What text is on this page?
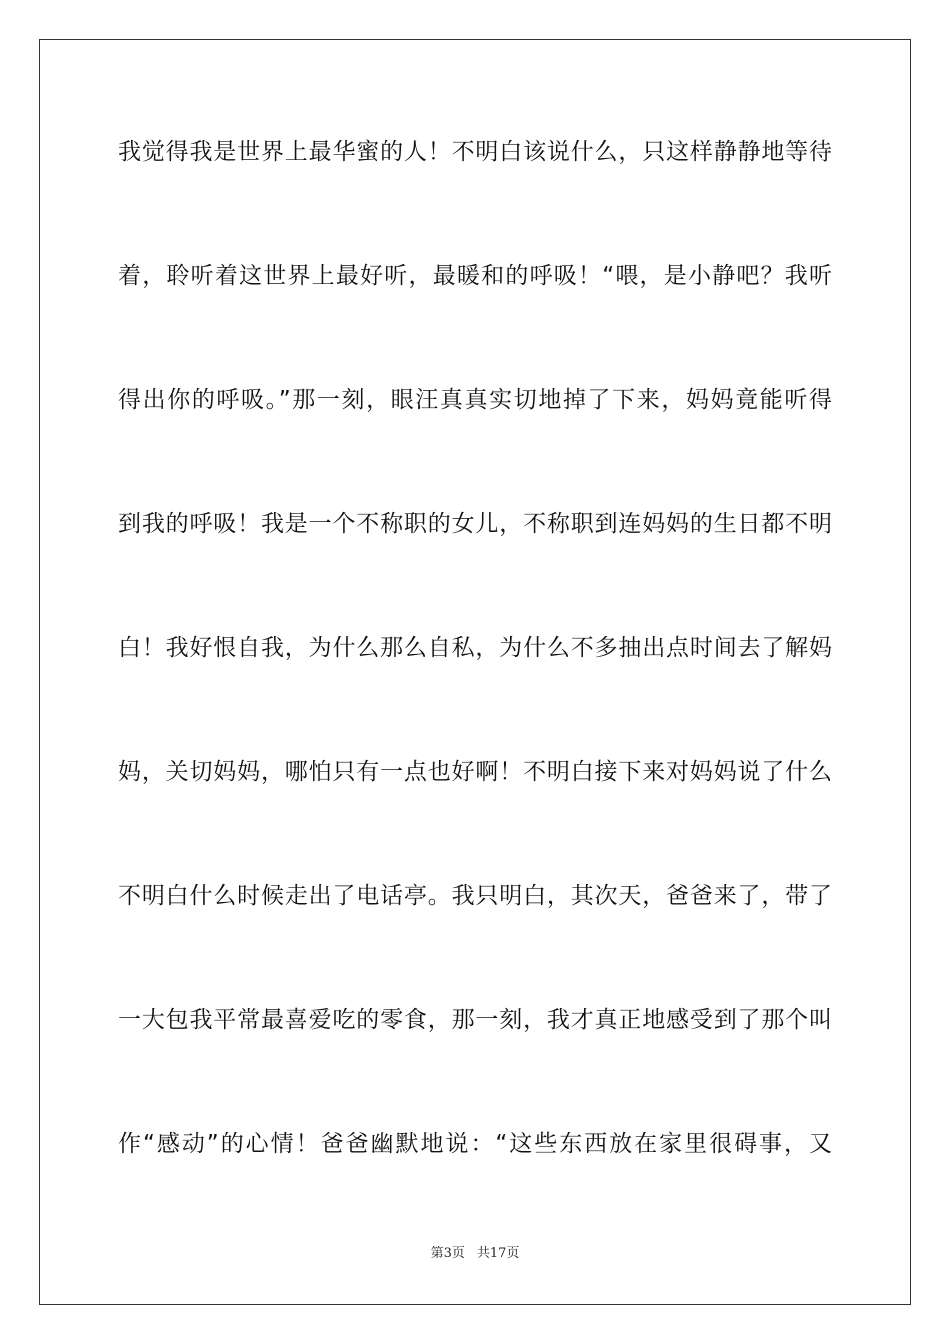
我觉得我是世界上最华蜜的人！不明白该说什么，只这样静静地等待
着，聆听着这世界上最好听，最暖和的呼吸！“喂，是小静吧？我听
得出你的呼吸。”那一刻，眼汪真真实切地掉了下来，妈妈竟能听得
到我的呼吸！我是一个不称职的女儿，不称职到连妈妈的生日都不明
白！我好恨自我，为什么那么自私，为什么不多抽出点时间去了解妈
妈，关切妈妈，哪怕只有一点也好啊！不明白接下来对妈妈说了什么
不明白什么时候走出了电话亭。我只明白，其次天，爸爸来了，带了
一大包我平常最喜爱吃的零食，那一刻，我才真正地感受到了那个叫
作“感动”的心情！爸爸幽默地说：“这些东西放在家里很碍事，又
第3页 共17页
